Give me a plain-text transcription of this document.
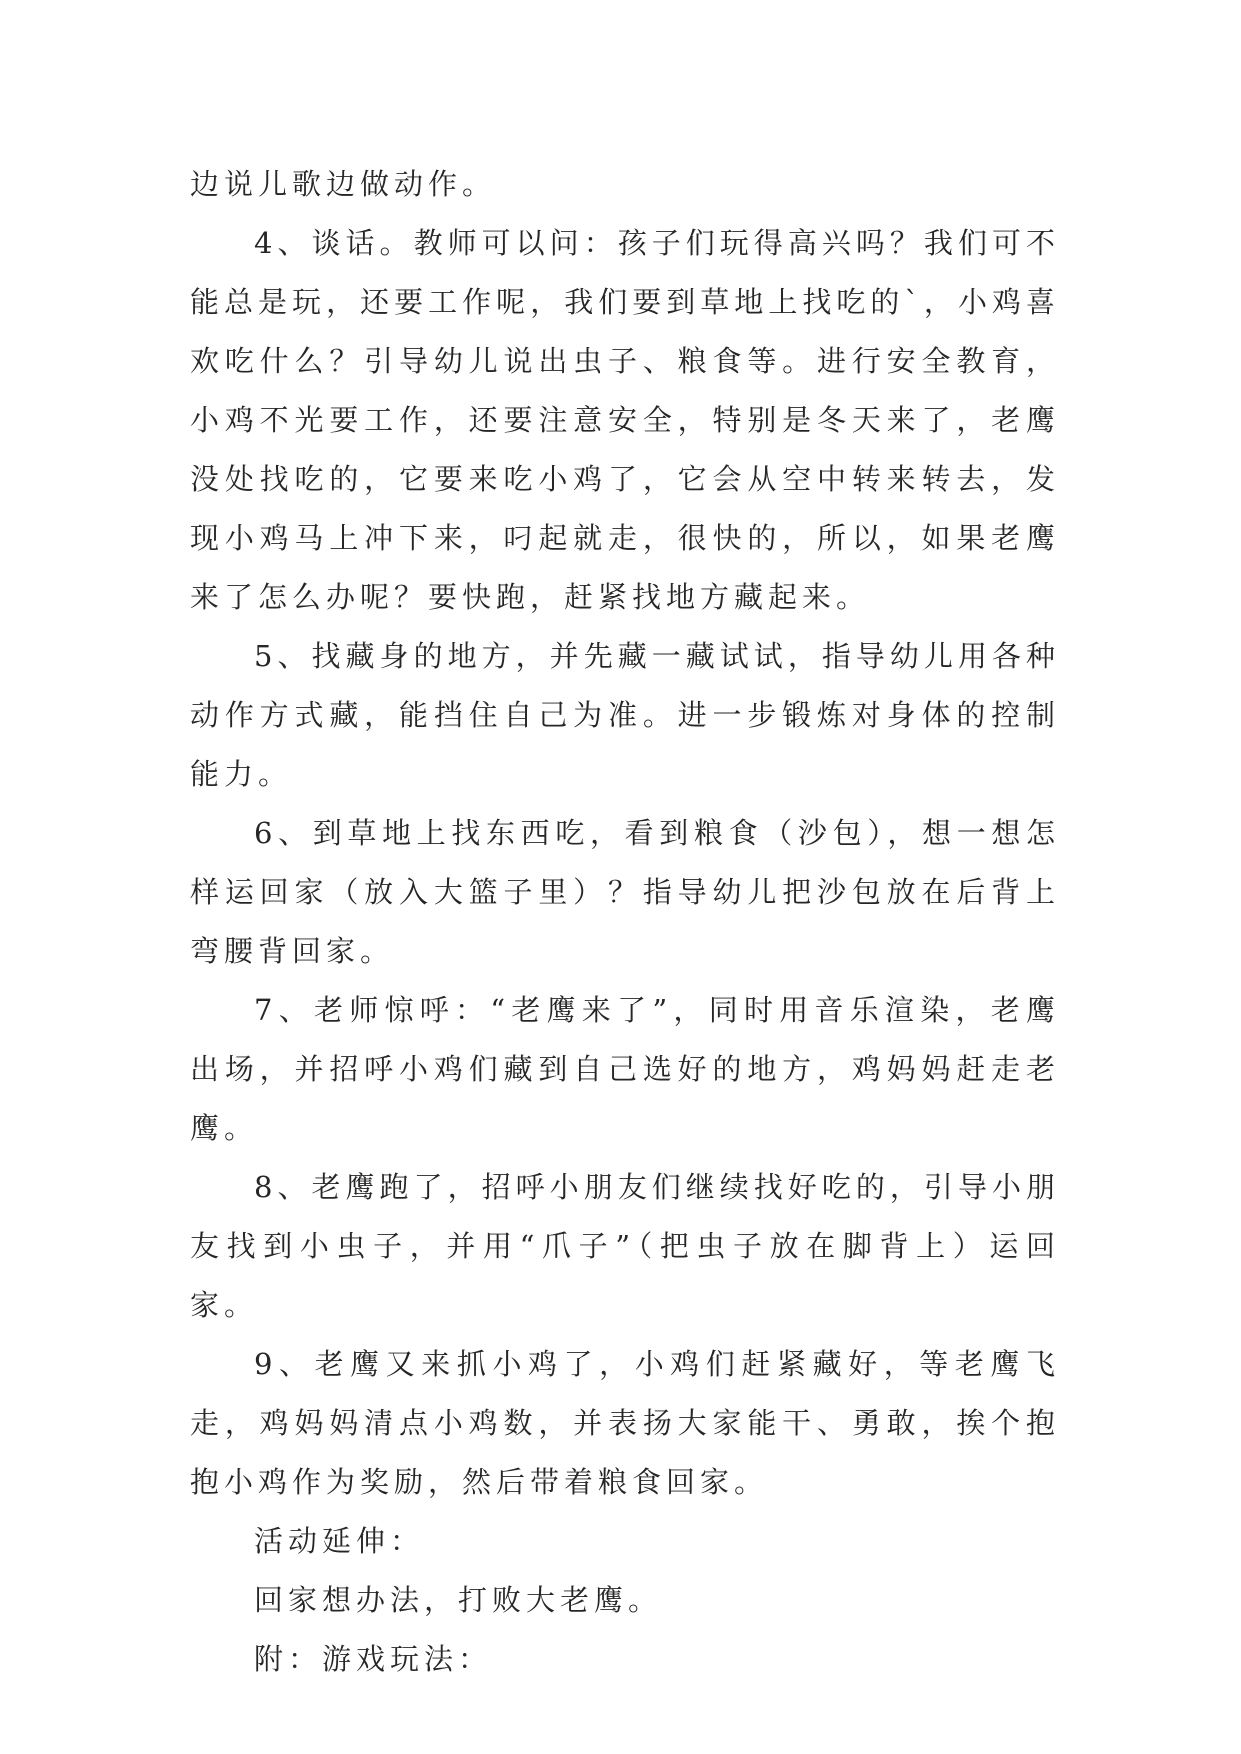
边说儿歌边做动作。

4、谈话。教师可以问：孩子们玩得高兴吗？我们可不能总是玩，还要工作呢，我们要到草地上找吃的`，小鸡喜欢吃什么？引导幼儿说出虫子、粮食等。进行安全教育，小鸡不光要工作，还要注意安全，特别是冬天来了，老鹰没处找吃的，它要来吃小鸡了，它会从空中转来转去，发现小鸡马上冲下来，叼起就走，很快的，所以，如果老鹰来了怎么办呢？要快跑，赶紧找地方藏起来。

5、找藏身的地方，并先藏一藏试试，指导幼儿用各种动作方式藏，能挡住自己为准。进一步锻炼对身体的控制能力。

6、到草地上找东西吃，看到粮食（沙包），想一想怎样运回家（放入大篮子里）？指导幼儿把沙包放在后背上弯腰背回家。

7、老师惊呼：“老鹰来了”，同时用音乐渲染，老鹰出场，并招呼小鸡们藏到自己选好的地方，鸡妈妈赶走老鹰。

8、老鹰跑了，招呼小朋友们继续找好吃的，引导小朋友找到小虫子，并用“爪子”（把虫子放在脚背上）运回家。

9、老鹰又来抓小鸡了，小鸡们赶紧藏好，等老鹰飞走，鸡妈妈清点小鸡数，并表扬大家能干、勇敢，挨个抱抱小鸡作为奖励，然后带着粮食回家。

活动延伸：

回家想办法，打败大老鹰。

附：游戏玩法：
